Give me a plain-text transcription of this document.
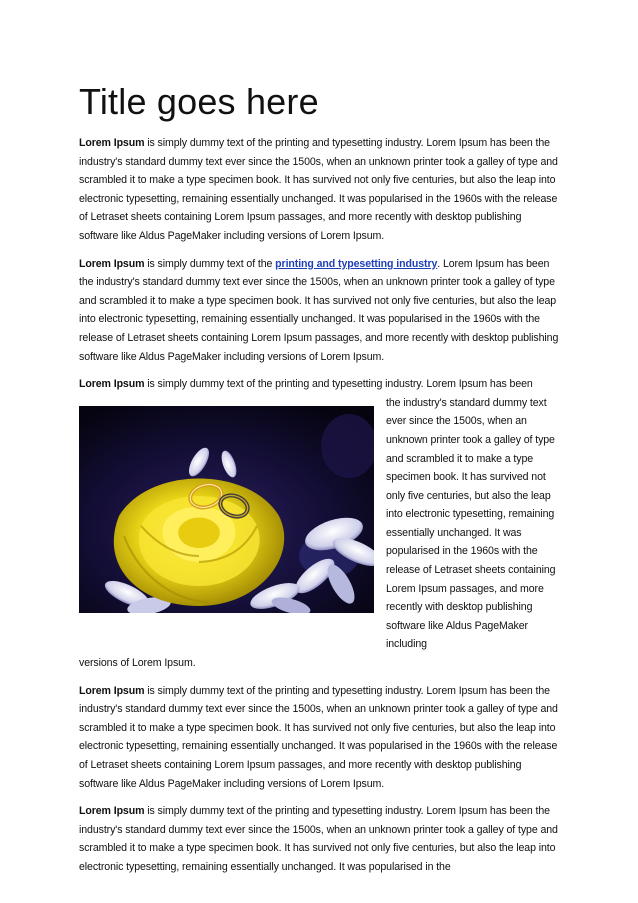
Title goes here

Lorem Ipsum is simply dummy text of the printing and typesetting industry. Lorem Ipsum has been the industry's standard dummy text ever since the 1500s, when an unknown printer took a galley of type and scrambled it to make a type specimen book. It has survived not only five centuries, but also the leap into electronic typesetting, remaining essentially unchanged. It was popularised in the 1960s with the release of Letraset sheets containing Lorem Ipsum passages, and more recently with desktop publishing software like Aldus PageMaker including versions of Lorem Ipsum.

Lorem Ipsum is simply dummy text of the printing and typesetting industry. Lorem Ipsum has been the industry's standard dummy text ever since the 1500s, when an unknown printer took a galley of type and scrambled it to make a type specimen book. It has survived not only five centuries, but also the leap into electronic typesetting, remaining essentially unchanged. It was popularised in the 1960s with the release of Letraset sheets containing Lorem Ipsum passages, and more recently with desktop publishing software like Aldus PageMaker including versions of Lorem Ipsum.

Lorem Ipsum is simply dummy text of the printing and typesetting industry. Lorem Ipsum has been

the industry's standard dummy text ever since the 1500s, when an unknown printer took a galley of type and scrambled it to make a type specimen book. It has survived not only five centuries, but also the leap into electronic typesetting, remaining essentially unchanged. It was popularised in the 1960s with the release of Letraset sheets containing Lorem Ipsum passages, and more recently with desktop publishing software like Aldus PageMaker including

versions of Lorem Ipsum.

Lorem Ipsum is simply dummy text of the printing and typesetting industry. Lorem Ipsum has been the industry's standard dummy text ever since the 1500s, when an unknown printer took a galley of type and scrambled it to make a type specimen book. It has survived not only five centuries, but also the leap into electronic typesetting, remaining essentially unchanged. It was popularised in the 1960s with the release of Letraset sheets containing Lorem Ipsum passages, and more recently with desktop publishing software like Aldus PageMaker including versions of Lorem Ipsum.

Lorem Ipsum is simply dummy text of the printing and typesetting industry. Lorem Ipsum has been the industry's standard dummy text ever since the 1500s, when an unknown printer took a galley of type and scrambled it to make a type specimen book. It has survived not only five centuries, but also the leap into electronic typesetting, remaining essentially unchanged. It was popularised in the
